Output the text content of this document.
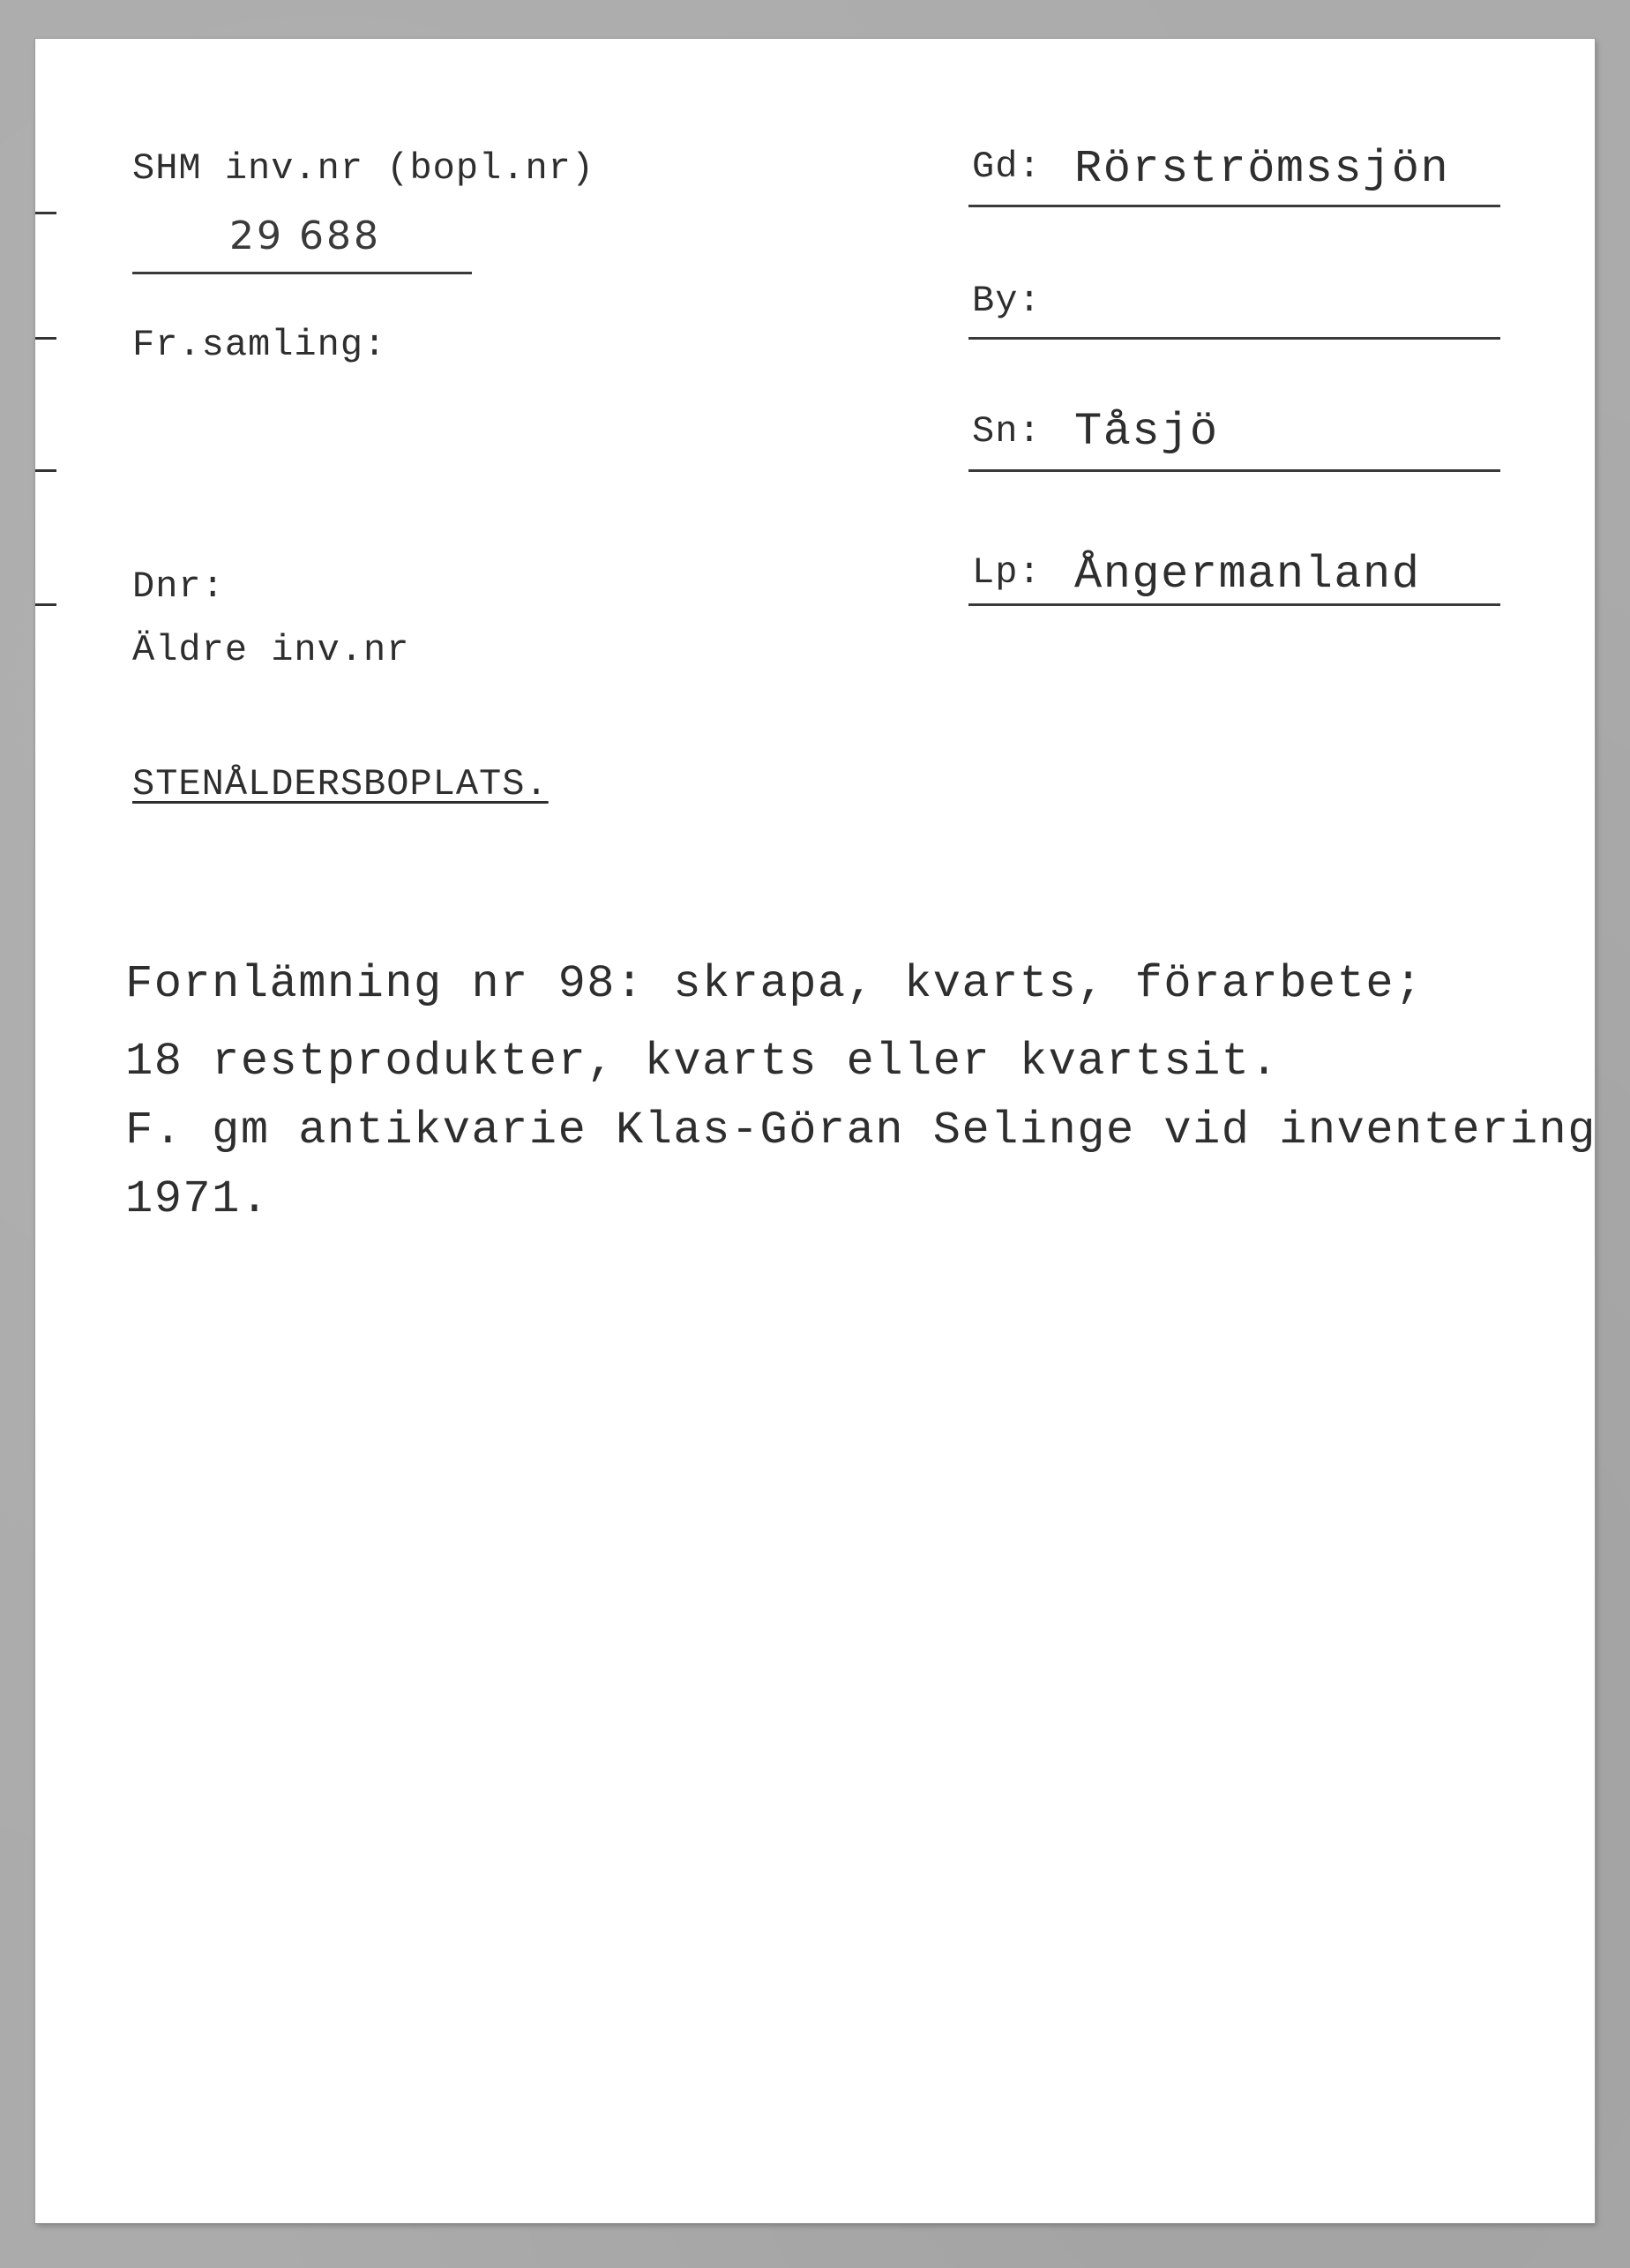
SHM inv.nr (bopl.nr)
29 688
Fr.samling:
Dnr:
Äldre inv.nr
STENÅLDERSBOPLATS.
Gd: Rörströmssjön
By:
Sn: Tåsjö
Lp: Ångermanland
Fornlämning nr 98: skrapa, kvarts, förarbete;
18 restprodukter, kvarts eller kvartsit.
F. gm antikvarie Klas-Göran Selinge vid inventering
1971.
